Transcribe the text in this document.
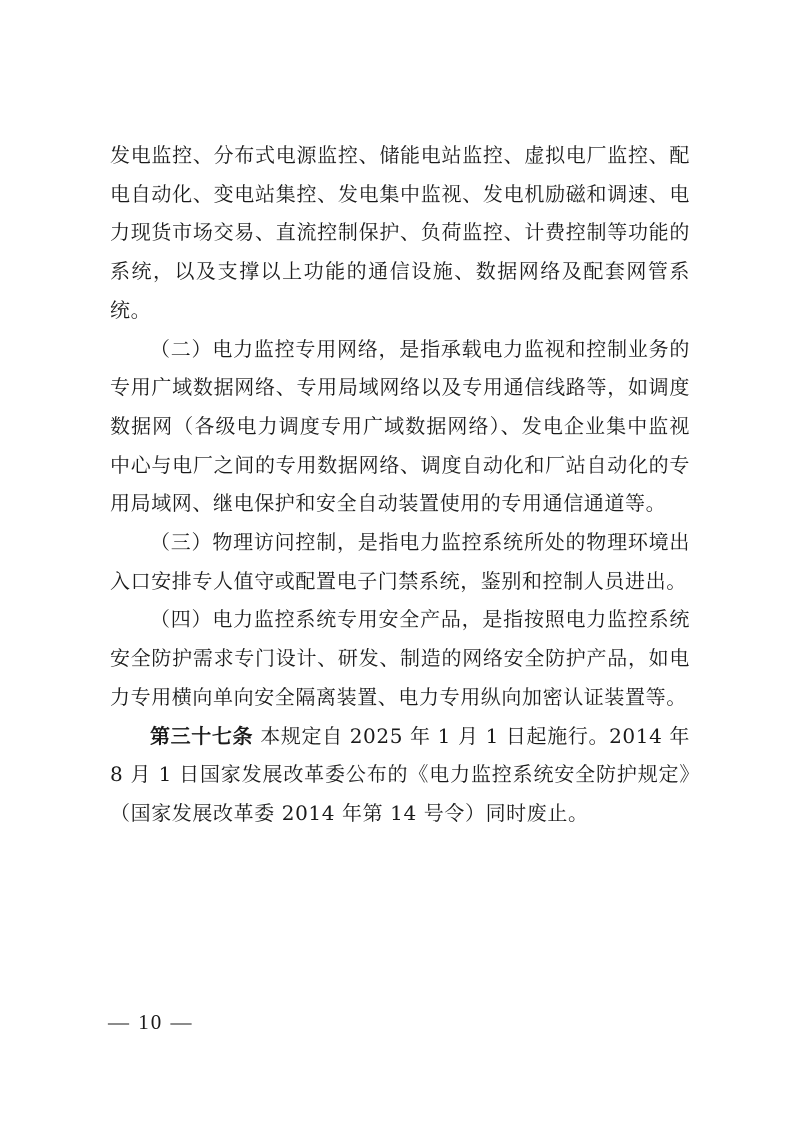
发电监控、分布式电源监控、储能电站监控、虚拟电厂监控、配电自动化、变电站集控、发电集中监视、发电机励磁和调速、电力现货市场交易、直流控制保护、负荷监控、计费控制等功能的系统，以及支撑以上功能的通信设施、数据网络及配套网管系统。

（二）电力监控专用网络，是指承载电力监视和控制业务的专用广域数据网络、专用局域网络以及专用通信线路等，如调度数据网（各级电力调度专用广域数据网络）、发电企业集中监视中心与电厂之间的专用数据网络、调度自动化和厂站自动化的专用局域网、继电保护和安全自动装置使用的专用通信通道等。

（三）物理访问控制，是指电力监控系统所处的物理环境出入口安排专人值守或配置电子门禁系统，鉴别和控制人员进出。

（四）电力监控系统专用安全产品，是指按照电力监控系统安全防护需求专门设计、研发、制造的网络安全防护产品，如电力专用横向单向安全隔离装置、电力专用纵向加密认证装置等。

第三十七条 本规定自 2025 年 1 月 1 日起施行。2014 年 8 月 1 日国家发展改革委公布的《电力监控系统安全防护规定》（国家发展改革委 2014 年第 14 号令）同时废止。

— 10 —
